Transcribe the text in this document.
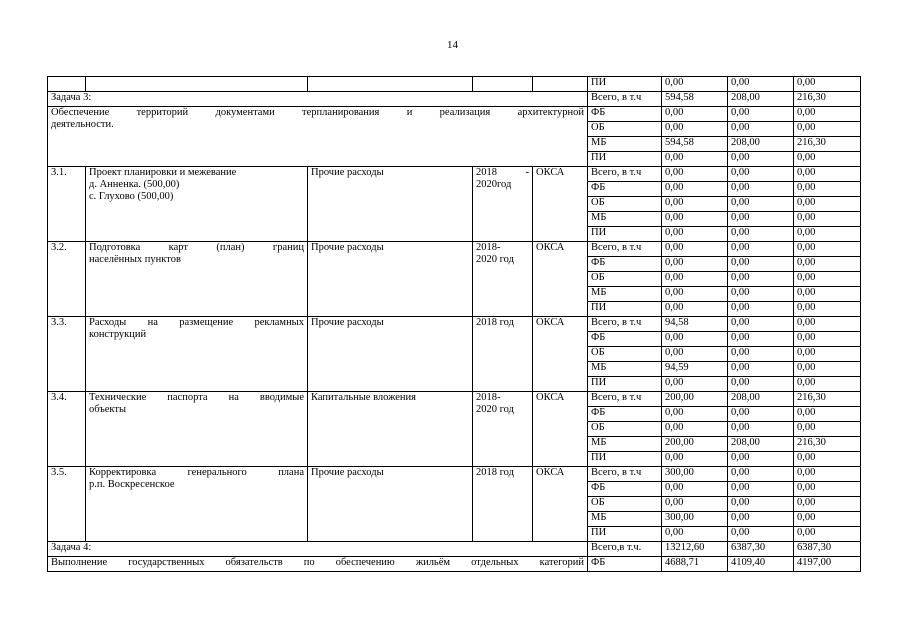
14
					ПИ	0,00	0,00	0,00
Задача 3:					Всего, в т.ч	594,58	208,00	216,30

Обеспечение территорий документами терпланирования и реализация архитектурной
деятельности.					ФБ	0,00	0,00	0,00
					ОБ	0,00	0,00	0,00
					МБ	594,58	208,00	216,30
					ПИ	0,00	0,00	0,00
3.1.	Проект планировки и межевание
д. Анненка. (500,00)
с. Глухово (500,00)	Прочие расходы	2018 -
2020год	ОКСА	Всего, в т.ч	0,00	0,00	0,00
					ФБ	0,00	0,00	0,00
					ОБ	0,00	0,00	0,00
					МБ	0,00	0,00	0,00
					ПИ	0,00	0,00	0,00
3.2.	Подготовка карт (план) границ
населённых пунктов	Прочие расходы	2018-
2020 год	ОКСА	Всего, в т.ч	0,00	0,00	0,00
					ФБ	0,00	0,00	0,00
					ОБ	0,00	0,00	0,00
					МБ	0,00	0,00	0,00
					ПИ	0,00	0,00	0,00
3.3.	Расходы на размещение рекламных
конструкций	Прочие расходы	2018 год	ОКСА	Всего, в т.ч	94,58	0,00	0,00
					ФБ	0,00	0,00	0,00
					ОБ	0,00	0,00	0,00
					МБ	94,59	0,00	0,00
					ПИ	0,00	0,00	0,00
3.4.	Технические паспорта на вводимые
объекты	Капитальные вложения	2018-
2020 год	ОКСА	Всего, в т.ч	200,00	208,00	216,30
					ФБ	0,00	0,00	0,00
					ОБ	0,00	0,00	0,00
					МБ	200,00	208,00	216,30
					ПИ	0,00	0,00	0,00
3.5.	Корректировка генерального плана
р.п. Воскресенское	Прочие расходы	2018 год	ОКСА	Всего, в т.ч	300,00	0,00	0,00
					ФБ	0,00	0,00	0,00
					ОБ	0,00	0,00	0,00
					МБ	300,00	0,00	0,00
					ПИ	0,00	0,00	0,00
Задача 4:					Всего,в т.ч.	13212,60	6387,30	6387,30
Выполнение государственных обязательств по обеспечению жильём отдельных категорий					ФБ	4688,71	4109,40	4197,00
